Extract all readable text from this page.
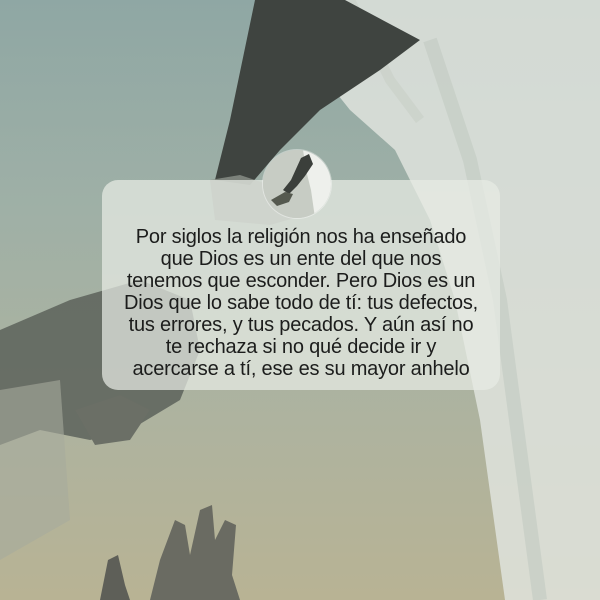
Por siglos la religión nos ha enseñado
que Dios es un ente del que nos
tenemos que esconder. Pero Dios es un
Dios que lo sabe todo de tí: tus defectos,
tus errores, y tus pecados. Y aún así no
te rechaza si no qué decide ir y
acercarse a tí, ese es su mayor anhelo
